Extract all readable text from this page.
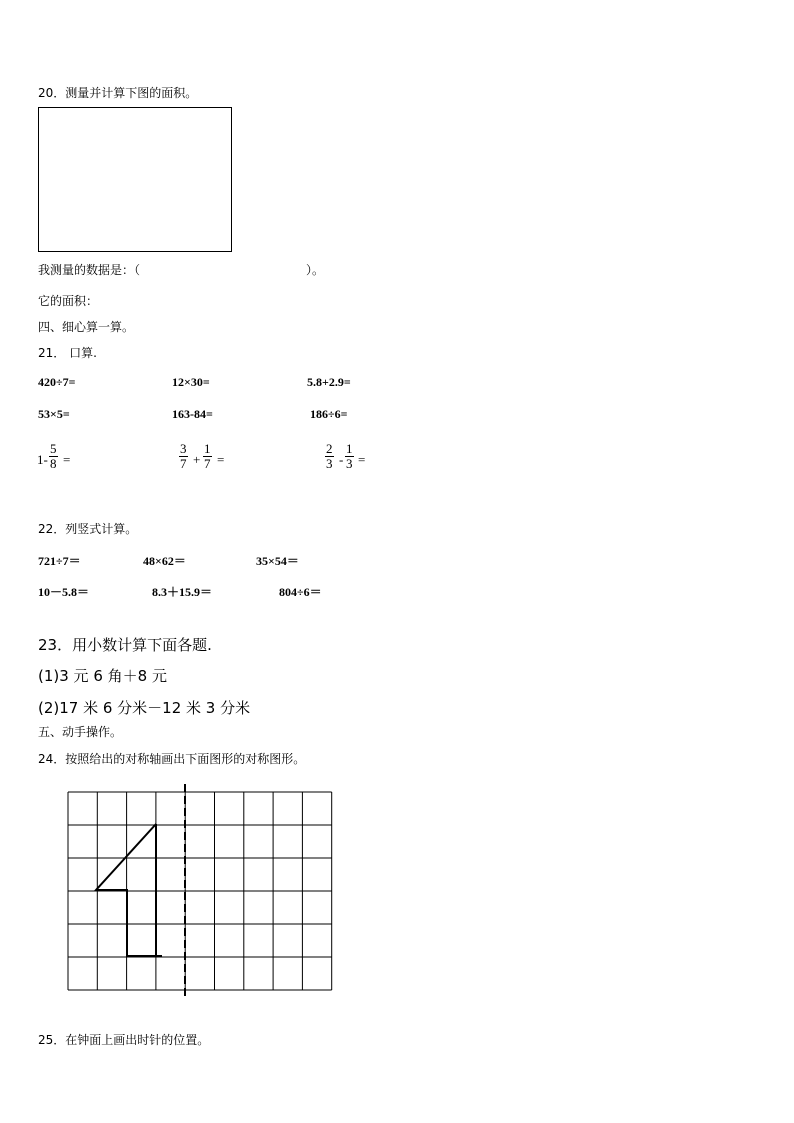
20．测量并计算下图的面积。
我测量的数据是：（	）。
它的面积：
四、细心算一算。
21． 口算.
420÷7=	12×30=	5.8+2.9=
53×5=	163-84=	186÷6=
$1- \frac{5}{8}$ =	$\frac{3}{7} + \frac{1}{7}$ =	$\frac{2}{3} - \frac{1}{3}$ =
22．列竖式计算。
721÷7＝	48×62＝	35×54＝
10－5.8＝	8.3＋15.9＝	804÷6＝
23．用小数计算下面各题.
(1)3 元 6 角＋8 元
(2)17 米 6 分米－12 米 3 分米
五、动手操作。
24．按照给出的对称轴画出下面图形的对称图形。
25．在钟面上画出时针的位置。
